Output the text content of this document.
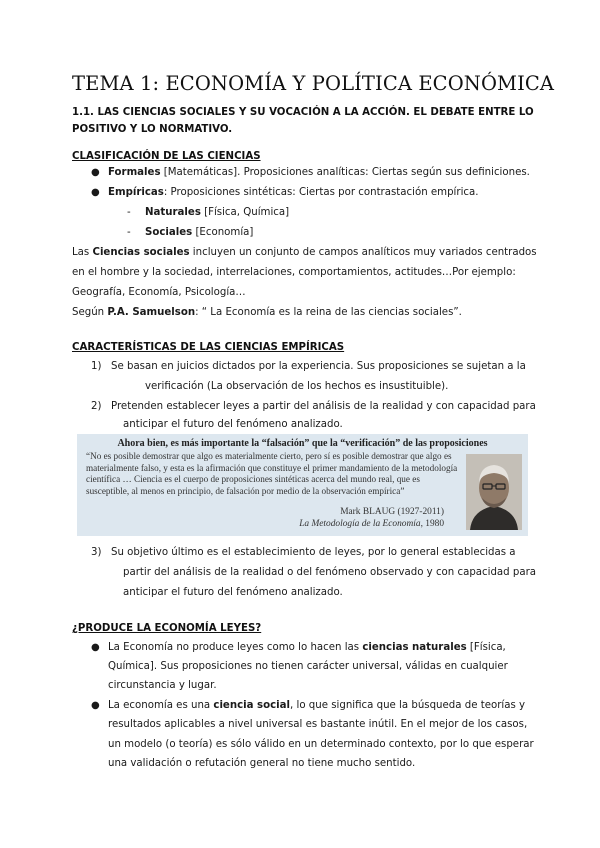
TEMA 1: ECONOMÍA Y POLÍTICA ECONÓMICA
1.1. LAS CIENCIAS SOCIALES Y SU VOCACIÓN A LA ACCIÓN. EL DEBATE ENTRE LO
POSITIVO Y LO NORMATIVO.
CLASIFICACIÓN DE LAS CIENCIAS
● Formales [Matemáticas]. Proposiciones analíticas: Ciertas según sus definiciones.
● Empíricas: Proposiciones sintéticas: Ciertas por contrastación empírica.
- Naturales [Física, Química]
- Sociales [Economía]
Las Ciencias sociales incluyen un conjunto de campos analíticos muy variados centrados
en el hombre y la sociedad, interrelaciones, comportamientos, actitudes…Por ejemplo:
Geografía, Economía, Psicología…
Según P.A. Samuelson: “ La Economía es la reina de las ciencias sociales”.
CARACTERÍSTICAS DE LAS CIENCIAS EMPÍRICAS
1) Se basan en juicios dictados por la experiencia. Sus proposiciones se sujetan a la
verificación (La observación de los hechos es insustituible).
2) Pretenden establecer leyes a partir del análisis de la realidad y con capacidad para
anticipar el futuro del fenómeno analizado.
Ahora bien, es más importante la “falsación” que la “verificación” de las proposiciones
“No es posible demostrar que algo es materialmente cierto, pero sí es posible demostrar que algo es materialmente falso, y esta es la afirmación que constituye el primer mandamiento de la metodología científica … Ciencia es el cuerpo de proposiciones sintéticas acerca del mundo real, que es susceptible, al menos en principio, de falsación por medio de la observación empírica”
Mark BLAUG (1927-2011)
La Metodología de la Economía, 1980
3) Su objetivo último es el establecimiento de leyes, por lo general establecidas a
partir del análisis de la realidad o del fenómeno observado y con capacidad para
anticipar el futuro del fenómeno analizado.
¿PRODUCE LA ECONOMÍA LEYES?
● La Economía no produce leyes como lo hacen las ciencias naturales [Física,
Química]. Sus proposiciones no tienen carácter universal, válidas en cualquier
circunstancia y lugar.
● La economía es una ciencia social, lo que significa que la búsqueda de teorías y
resultados aplicables a nivel universal es bastante inútil. En el mejor de los casos,
un modelo (o teoría) es sólo válido en un determinado contexto, por lo que esperar
una validación o refutación general no tiene mucho sentido.
